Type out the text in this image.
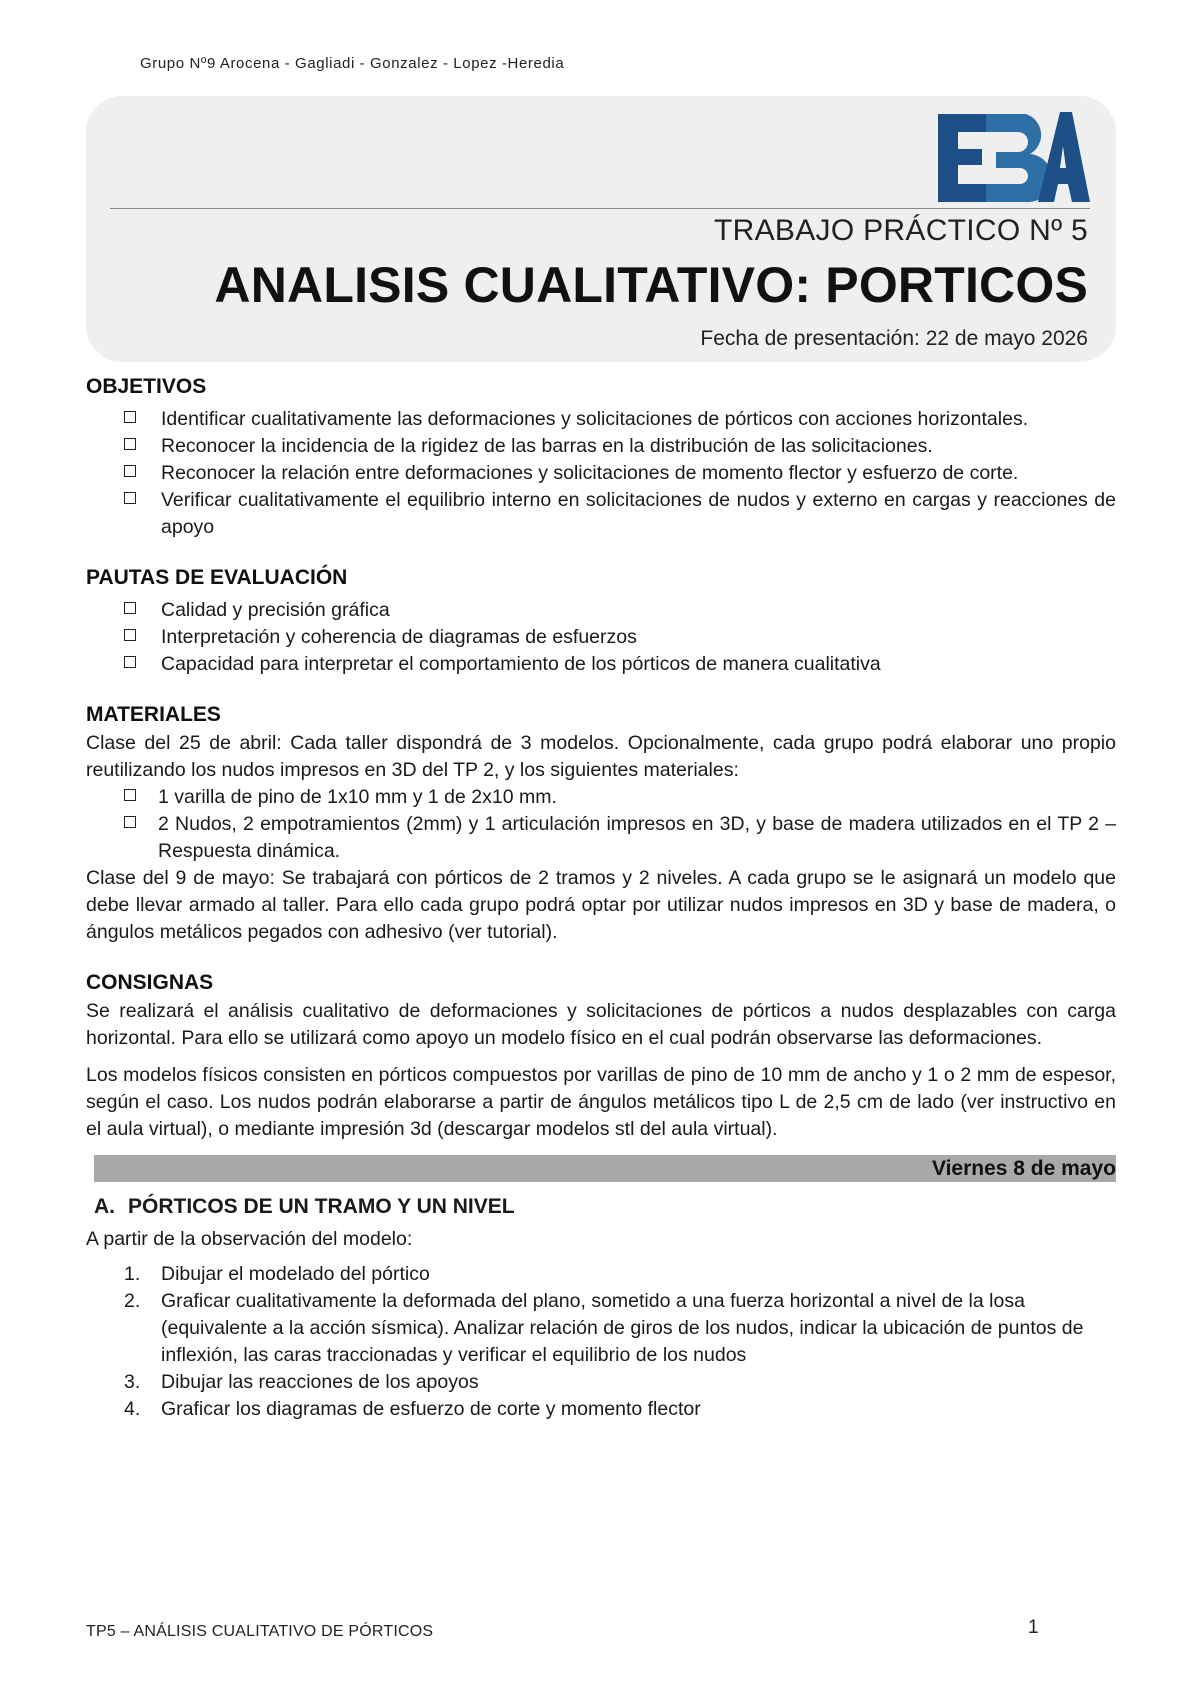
Grupo Nº9 Arocena - Gagliadi - Gonzalez - Lopez -Heredia
TRABAJO PRÁCTICO Nº 5
ANALISIS CUALITATIVO: PORTICOS
Fecha de presentación: 22 de mayo 2026
OBJETIVOS
Identificar cualitativamente las deformaciones y solicitaciones de pórticos con acciones horizontales.
Reconocer la incidencia de la rigidez de las barras en la distribución de las solicitaciones.
Reconocer la relación entre deformaciones y solicitaciones de momento flector y esfuerzo de corte.
Verificar cualitativamente el equilibrio interno en solicitaciones de nudos y externo en cargas y reacciones de apoyo
PAUTAS DE EVALUACIÓN
Calidad y precisión gráfica
Interpretación y coherencia de diagramas de esfuerzos
Capacidad para interpretar el comportamiento de los pórticos de manera cualitativa
MATERIALES

Clase del 25 de abril: Cada taller dispondrá de 3 modelos. Opcionalmente, cada grupo podrá elaborar uno propio reutilizando los nudos impresos en 3D del TP 2, y los siguientes materiales:

1 varilla de pino de 1x10 mm y 1 de 2x10 mm.
2 Nudos, 2 empotramientos (2mm) y 1 articulación impresos en 3D, y base de madera utilizados en el TP 2 – Respuesta dinámica.

Clase del 9 de mayo: Se trabajará con pórticos de 2 tramos y 2 niveles. A cada grupo se le asignará un modelo que debe llevar armado al taller. Para ello cada grupo podrá optar por utilizar nudos impresos en 3D y base de madera, o ángulos metálicos pegados con adhesivo (ver tutorial).

CONSIGNAS

Se realizará el análisis cualitativo de deformaciones y solicitaciones de pórticos a nudos desplazables con carga horizontal. Para ello se utilizará como apoyo un modelo físico en el cual podrán observarse las deformaciones.

Los modelos físicos consisten en pórticos compuestos por varillas de pino de 10 mm de ancho y 1 o 2 mm de espesor, según el caso. Los nudos podrán elaborarse a partir de ángulos metálicos tipo L de 2,5 cm de lado (ver instructivo en el aula virtual), o mediante impresión 3d (descargar modelos stl del aula virtual).

Viernes 8 de mayo
A. PÓRTICOS DE UN TRAMO Y UN NIVEL

A partir de la observación del modelo:

1. Dibujar el modelado del pórtico
2. Graficar cualitativamente la deformada del plano, sometido a una fuerza horizontal a nivel de la losa (equivalente a la acción sísmica). Analizar relación de giros de los nudos, indicar la ubicación de puntos de inflexión, las caras traccionadas y verificar el equilibrio de los nudos
3. Dibujar las reacciones de los apoyos
4. Graficar los diagramas de esfuerzo de corte y momento flector
TP5 – ANÁLISIS CUALITATIVO DE PÓRTICOS	1
